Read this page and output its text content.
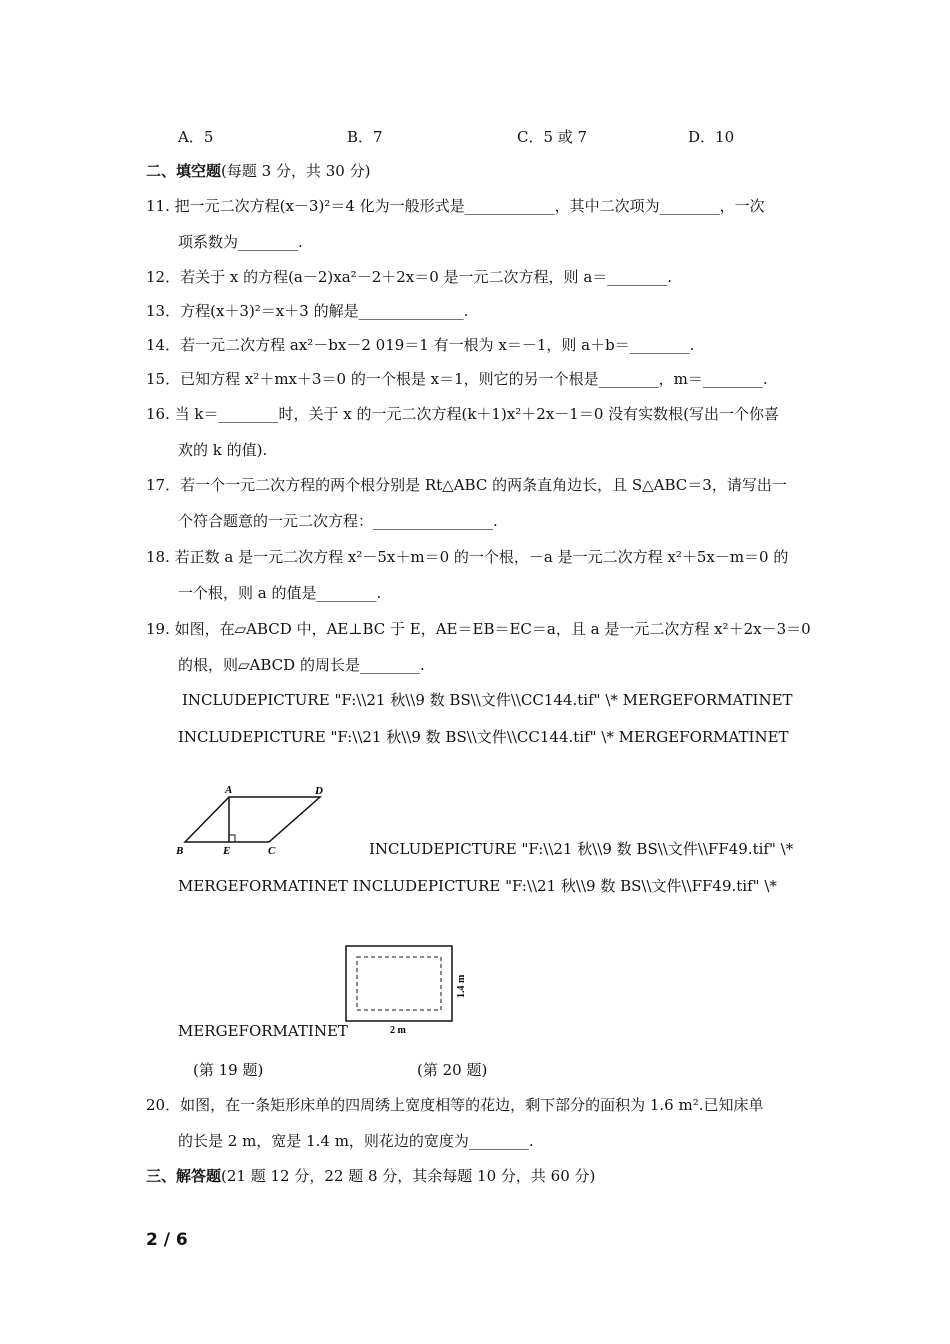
A．5	B．7	C．5 或 7	D．10
二、填空题(每题 3 分，共 30 分)
11. 把一元二次方程(x－3)²＝4 化为一般形式是____________，其中二次项为________，一次
项系数为________.
12．若关于 x 的方程(a－2)xa²－2＋2x＝0 是一元二次方程，则 a＝________.
13．方程(x＋3)²＝x＋3 的解是______________.
14．若一元二次方程 ax²－bx－2 019＝1 有一根为 x＝－1，则 a＋b＝________.
15．已知方程 x²＋mx＋3＝0 的一个根是 x＝1，则它的另一个根是________，m＝________.
16. 当 k＝________时，关于 x 的一元二次方程(k＋1)x²＋2x－1＝0 没有实数根(写出一个你喜
欢的 k 的值).
17．若一个一元二次方程的两个根分别是 Rt△ABC 的两条直角边长，且 S△ABC＝3，请写出一
个符合题意的一元二次方程：________________.
18. 若正数 a 是一元二次方程 x²－5x＋m＝0 的一个根，－a 是一元二次方程 x²＋5x－m＝0 的
一个根，则 a 的值是________.
19. 如图，在▱ABCD 中，AE⊥BC 于 E，AE＝EB＝EC＝a，且 a 是一元二次方程 x²＋2x－3＝0
的根，则▱ABCD 的周长是________.
INCLUDEPICTURE "F:\\21 秋\\9 数 BS\\文件\\CC144.tif" \* MERGEFORMATINET
INCLUDEPICTURE "F:\\21 秋\\9 数 BS\\文件\\CC144.tif" \* MERGEFORMATINET
A	D
B	E	C	INCLUDEPICTURE "F:\\21 秋\\9 数 BS\\文件\\FF49.tif" \*
MERGEFORMATINET INCLUDEPICTURE "F:\\21 秋\\9 数 BS\\文件\\FF49.tif" \*
2 m
1.4 m
MERGEFORMATINET
(第 19 题)	(第 20 题)
20．如图，在一条矩形床单的四周绣上宽度相等的花边，剩下部分的面积为 1.6 m².已知床单
的长是 2 m，宽是 1.4 m，则花边的宽度为________.
三、解答题(21 题 12 分，22 题 8 分，其余每题 10 分，共 60 分)
2 / 6
